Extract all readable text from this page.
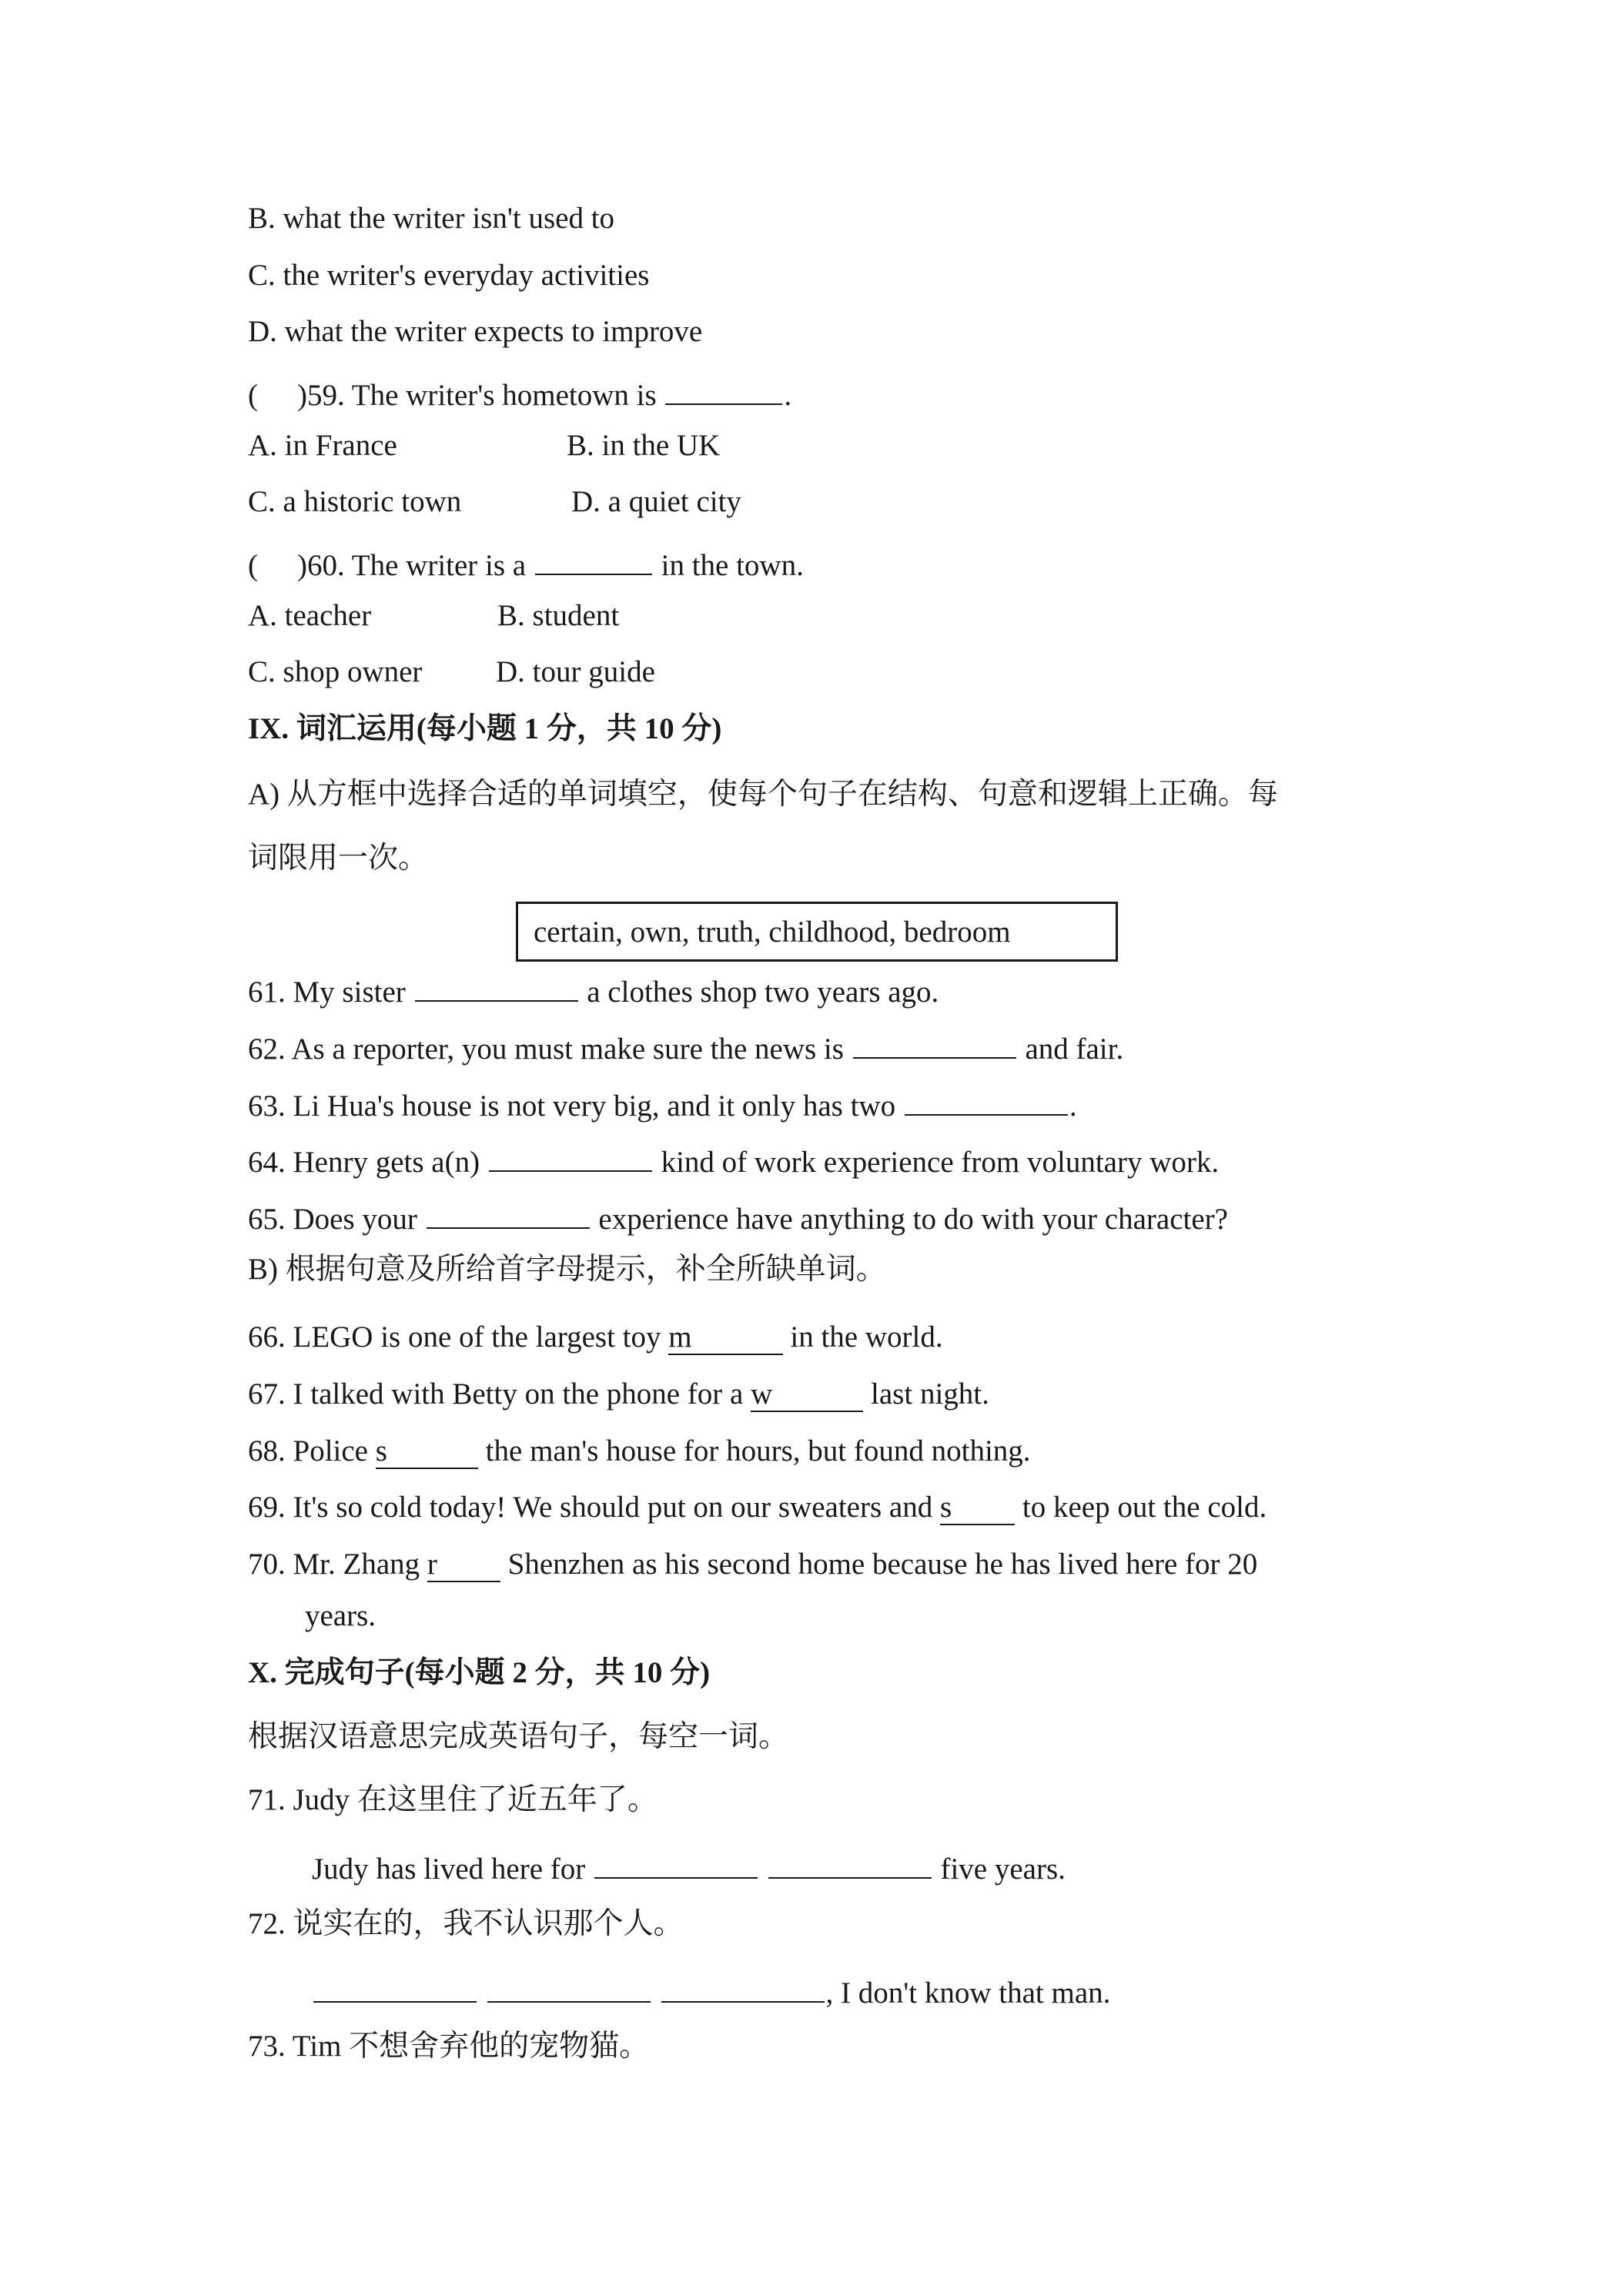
B. what the writer isn't used to
C. the writer's everyday activities
D. what the writer expects to improve
( )59. The writer's hometown is	.
A. in France	B. in the UK
C. a historic town	D. a quiet city
( )60. The writer is a	in the town.
A. teacher	B. student
C. shop owner D. tour guide
IX. 词汇运用(每小题 1 分，共 10 分)
A) 从方框中选择合适的单词填空，使每个句子在结构、句意和逻辑上正确。每
词限用一次。
certain, own, truth, childhood, bedroom
61. My sister	a clothes shop two years ago.
62. As a reporter, you must make sure the news is	and fair.
63. Li Hua's house is not very big, and it only has two	.
64. Henry gets a(n)	kind of work experience from voluntary work.
65. Does your	experience have anything to do with your character?
B) 根据句意及所给首字母提示，补全所缺单词。
66. LEGO is one of the largest toy m	in the world.
67. I talked with Betty on the phone for a w	last night.
68. Police s	the man's house for hours, but found nothing.
69. It's so cold today! We should put on our sweaters and s to keep out the cold.
70. Mr. Zhang r Shenzhen as his second home because he has lived here for 20
years.
X. 完成句子(每小题 2 分，共 10 分)
根据汉语意思完成英语句子，每空一词。
71. Judy 在这里住了近五年了。
Judy has lived here for	five years.
72. 说实在的，我不认识那个人。
, I don't know that man.
73. Tim 不想舍弃他的宠物猫。
